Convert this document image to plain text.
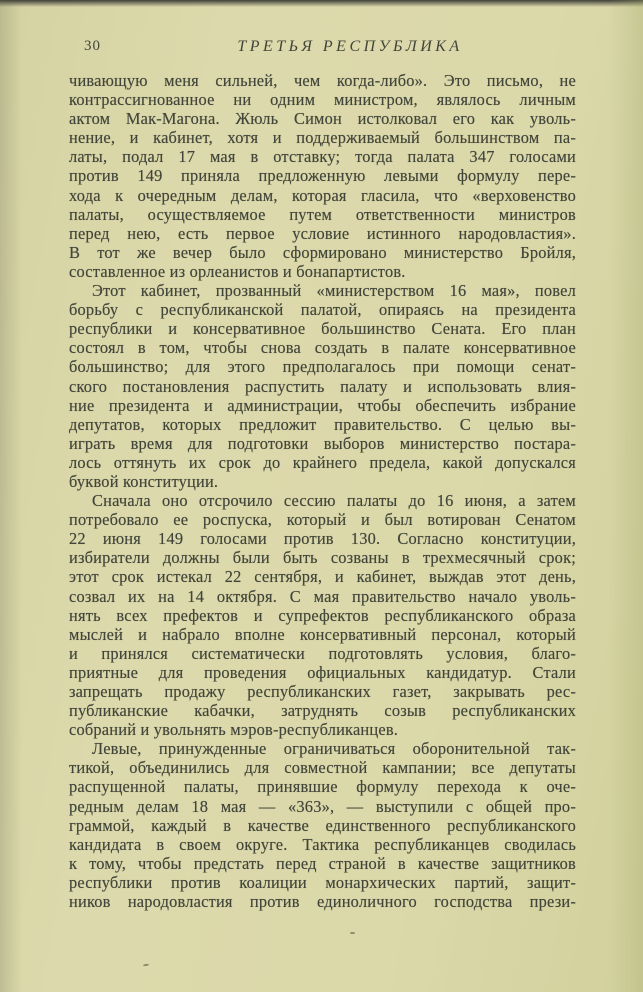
30	ТРЕТЬЯ РЕСПУБЛИКА
чивающую меня сильней, чем когда-либо». Это письмо, не
контрассигнованное ни одним министром, являлось личным
актом Мак-Магона. Жюль Симон истолковал его как уволь-
нение, и кабинет, хотя и поддерживаемый большинством па-
латы, подал 17 мая в отставку; тогда палата 347 голосами
против 149 приняла предложенную левыми формулу пере-
хода к очередным делам, которая гласила, что «верховенство
палаты, осуществляемое путем ответственности министров
перед нею, есть первое условие истинного народовластия».
В тот же вечер было сформировано министерство Бройля,
составленное из орлеанистов и бонапартистов.
Этот кабинет, прозванный «министерством 16 мая», повел
борьбу с республиканской палатой, опираясь на президента
республики и консервативное большинство Сената. Его план
состоял в том, чтобы снова создать в палате консервативное
большинство; для этого предполагалось при помощи сенат-
ского постановления распустить палату и использовать влия-
ние президента и администрации, чтобы обеспечить избрание
депутатов, которых предложит правительство. С целью вы-
играть время для подготовки выборов министерство постара-
лось оттянуть их срок до крайнего предела, какой допускался
буквой конституции.
Сначала оно отсрочило сессию палаты до 16 июня, а затем
потребовало ее роспуска, который и был вотирован Сенатом
22 июня 149 голосами против 130. Согласно конституции,
избиратели должны были быть созваны в трехмесячный срок;
этот срок истекал 22 сентября, и кабинет, выждав этот день,
созвал их на 14 октября. С мая правительство начало уволь-
нять всех префектов и супрефектов республиканского образа
мыслей и набрало вполне консервативный персонал, который
и принялся систематически подготовлять условия, благо-
приятные для проведения официальных кандидатур. Стали
запрещать продажу республиканских газет, закрывать рес-
публиканские кабачки, затруднять созыв республиканских
собраний и увольнять мэров-республиканцев.
Левые, принужденные ограничиваться оборонительной так-
тикой, объединились для совместной кампании; все депутаты
распущенной палаты, принявшие формулу перехода к оче-
редным делам 18 мая — «363», — выступили с общей про-
граммой, каждый в качестве единственного республиканского
кандидата в своем округе. Тактика республиканцев сводилась
к тому, чтобы предстать перед страной в качестве защитников
республики против коалиции монархических партий, защит-
ников народовластия против единоличного господства прези-
